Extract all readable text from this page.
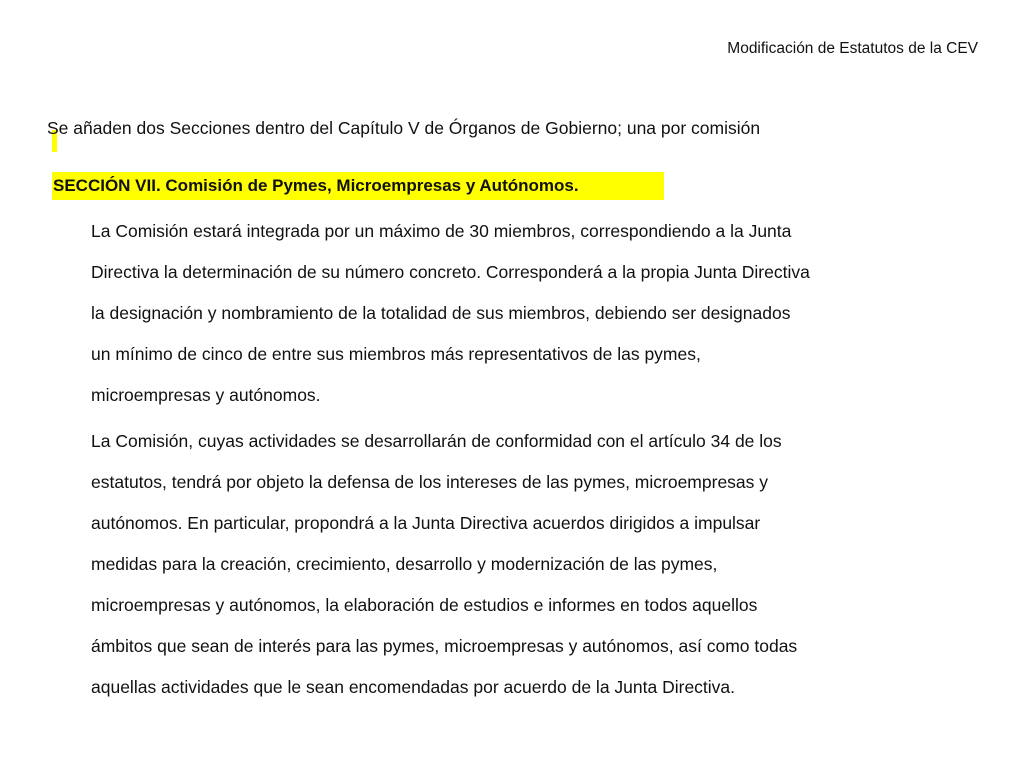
Modificación de Estatutos de la CEV
Se añaden dos Secciones dentro del Capítulo V de Órganos de Gobierno; una por comisión
SECCIÓN VII. Comisión de Pymes, Microempresas y Autónomos.
La Comisión estará integrada por un máximo de 30 miembros, correspondiendo a la Junta
Directiva la determinación de su número concreto. Corresponderá a la propia Junta Directiva
la designación y nombramiento de la totalidad de sus miembros, debiendo ser designados
un mínimo de cinco de entre sus miembros más representativos de las pymes,
microempresas y autónomos.
La Comisión, cuyas actividades se desarrollarán de conformidad con el artículo 34 de los
estatutos, tendrá por objeto la defensa de los intereses de las pymes, microempresas y
autónomos. En particular, propondrá a la Junta Directiva acuerdos dirigidos a impulsar
medidas para la creación, crecimiento, desarrollo y modernización de las pymes,
microempresas y autónomos, la elaboración de estudios e informes en todos aquellos
ámbitos que sean de interés para las pymes, microempresas y autónomos, así como todas
aquellas actividades que le sean encomendadas por acuerdo de la Junta Directiva.
